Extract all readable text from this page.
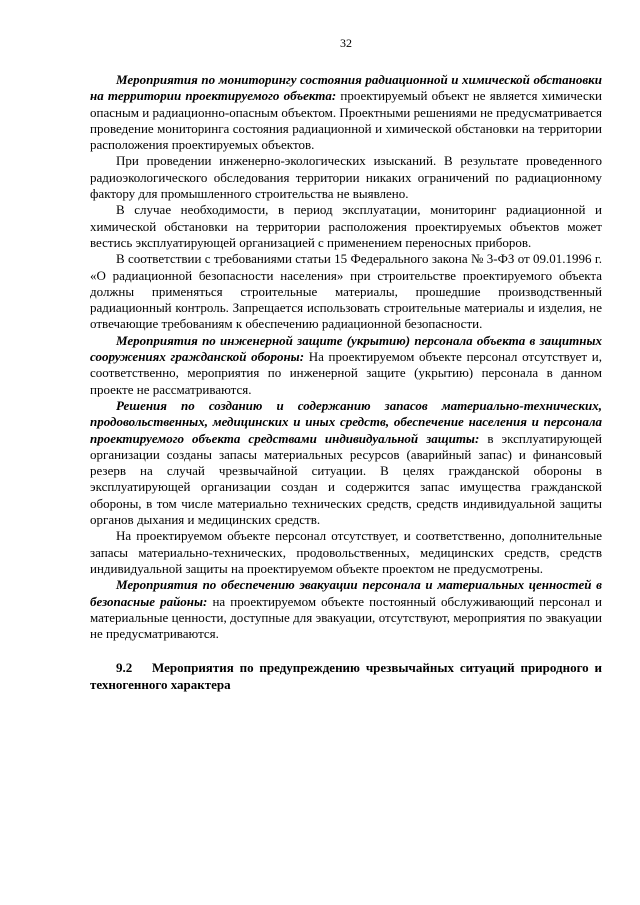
32

Мероприятия по мониторингу состояния радиационной и химической обстановки на территории проектируемого объекта: проектируемый объект не является химически опасным и радиационно-опасным объектом. Проектными решениями не предусматривается проведение мониторинга состояния радиационной и химической обстановки на территории расположения проектируемых объектов.

При проведении инженерно-экологических изысканий. В результате проведенного радиоэкологического обследования территории никаких ограничений по радиационному фактору для промышленного строительства не выявлено.

В случае необходимости, в период эксплуатации, мониторинг радиационной и химической обстановки на территории расположения проектируемых объектов может вестись эксплуатирующей организацией с применением переносных приборов.

В соответствии с требованиями статьи 15 Федерального закона № 3-ФЗ от 09.01.1996 г. «О радиационной безопасности населения» при строительстве проектируемого объекта должны применяться строительные материалы, прошедшие производственный радиационный контроль. Запрещается использовать строительные материалы и изделия, не отвечающие требованиям к обеспечению радиационной безопасности.

Мероприятия по инженерной защите (укрытию) персонала объекта в защитных сооружениях гражданской обороны: На проектируемом объекте персонал отсутствует и, соответственно, мероприятия по инженерной защите (укрытию) персонала в данном проекте не рассматриваются.

Решения по созданию и содержанию запасов материально-технических, продовольственных, медицинских и иных средств, обеспечение населения и персонала проектируемого объекта средствами индивидуальной защиты: в эксплуатирующей организации созданы запасы материальных ресурсов (аварийный запас) и финансовый резерв на случай чрезвычайной ситуации. В целях гражданской обороны в эксплуатирующей организации создан и содержится запас имущества гражданской обороны, в том числе материально технических средств, средств индивидуальной защиты органов дыхания и медицинских средств.

На проектируемом объекте персонал отсутствует, и соответственно, дополнительные запасы материально-технических, продовольственных, медицинских средств, средств индивидуальной защиты на проектируемом объекте проектом не предусмотрены.

Мероприятия по обеспечению эвакуации персонала и материальных ценностей в безопасные районы: на проектируемом объекте постоянный обслуживающий персонал и материальные ценности, доступные для эвакуации, отсутствуют, мероприятия по эвакуации не предусматриваются.

9.2 Мероприятия по предупреждению чрезвычайных ситуаций природного и техногенного характера
